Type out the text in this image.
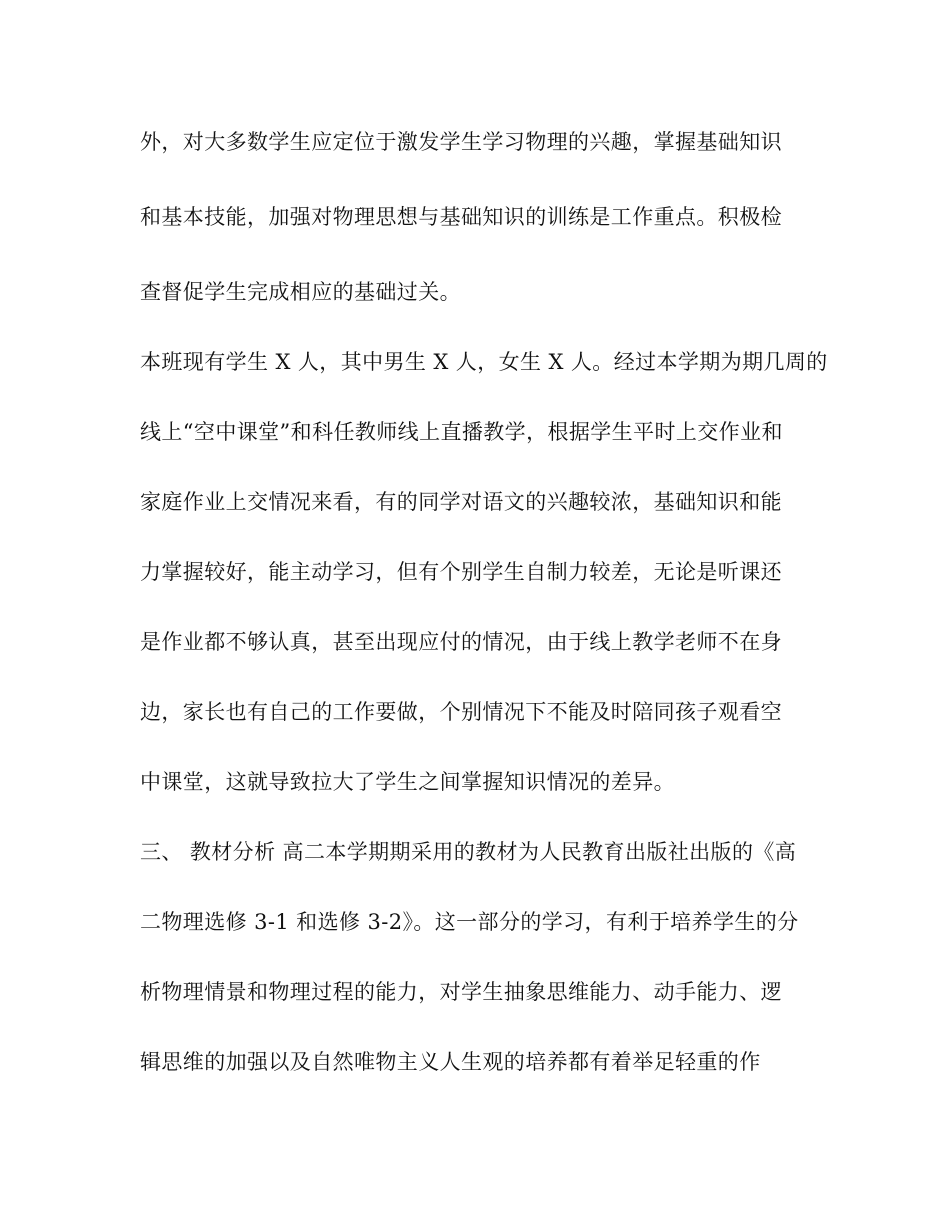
外，对大多数学生应定位于激发学生学习物理的兴趣，掌握基础知识
和基本技能，加强对物理思想与基础知识的训练是工作重点。积极检
查督促学生完成相应的基础过关。
本班现有学生 X 人，其中男生 X 人，女生 X 人。经过本学期为期几周的
线上“空中课堂”和科任教师线上直播教学，根据学生平时上交作业和
家庭作业上交情况来看，有的同学对语文的兴趣较浓，基础知识和能
力掌握较好，能主动学习，但有个别学生自制力较差，无论是听课还
是作业都不够认真，甚至出现应付的情况，由于线上教学老师不在身
边，家长也有自己的工作要做，个别情况下不能及时陪同孩子观看空
中课堂，这就导致拉大了学生之间掌握知识情况的差异。
三、 教材分析 高二本学期期采用的教材为人民教育出版社出版的《高
二物理选修 3-1 和选修 3-2》。这一部分的学习，有利于培养学生的分
析物理情景和物理过程的能力，对学生抽象思维能力、动手能力、逻
辑思维的加强以及自然唯物主义人生观的培养都有着举足轻重的作
